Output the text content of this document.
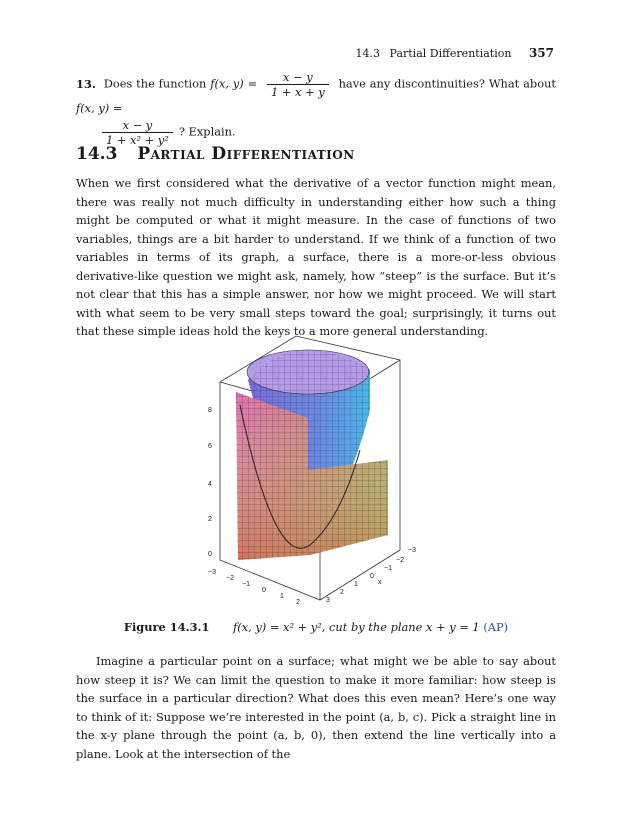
14.3 Partial Differentiation 357
13. Does the function f(x, $y) = \frac{x - y}{1 + x + y}$ have any discontinuities? What about f(x, y) =
$\frac{x - y}{\text{1 + x² + y²}}$ ? Explain.
14.3 Partial Differentiation
When we first considered what the derivative of a vector function might mean, there was really not much difficulty in understanding either how such a thing might be computed or what it might measure. In the case of functions of two variables, things are a bit harder to understand. If we think of a function of two variables in terms of its graph, a surface, there is a more-or-less obvious derivative-like question we might ask, namely, how “steep” is the surface. But it’s not clear that this has a simple answer, nor how we might proceed. We will start with what seem to be very small steps toward the goal; surprisingly, it turns out that these simple ideas hold the keys to a more general understanding.
0
2
4
6
8
−3
−2
−1
0
1
2
−3
−2
−1
0
1
2
3
x
Figure 14.3.1 f(x, y) = x² + y², cut by the plane x + y = 1 (AP)
Imagine a particular point on a surface; what might we be able to say about how steep it is? We can limit the question to make it more familiar: how steep is the surface in a particular direction? What does this even mean? Here’s one way to think of it: Suppose we’re interested in the point (a, b, c). Pick a straight line in the x-y plane through the point (a, b, 0), then extend the line vertically into a plane. Look at the intersection of the
